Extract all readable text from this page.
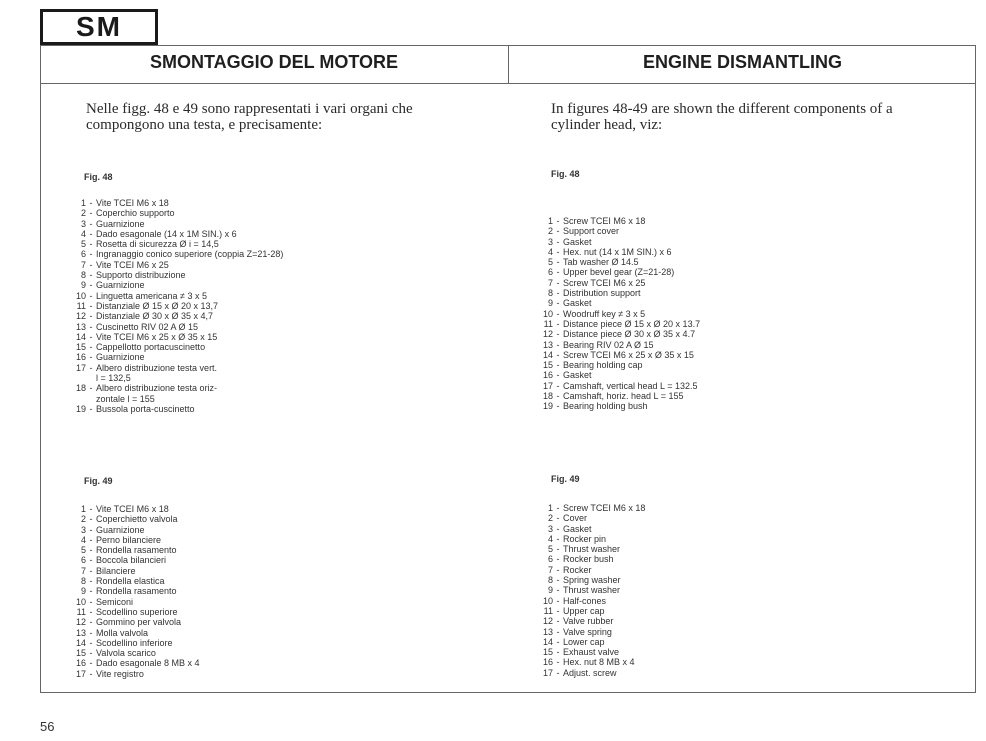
SM
SMONTAGGIO DEL MOTORE	ENGINE DISMANTLING
Nelle figg. 48 e 49 sono rappresentati i vari organi che compongono una testa, e precisamente:
In figures 48-49 are shown the different components of a cylinder head, viz:
Fig. 48
1 - Vite TCEI M6 x 18
2 - Coperchio supporto
3 - Guarnizione
4 - Dado esagonale (14 x 1M SIN.) x 6
5 - Rosetta di sicurezza Ø i = 14,5
6 - Ingranaggio conico superiore (coppia Z=21-28)
7 - Vite TCEI M6 x 25
8 - Supporto distribuzione
9 - Guarnizione
10 - Linguetta americana ≠ 3 x 5
11 - Distanziale Ø 15 x Ø 20 x 13,7
12 - Distanziale Ø 30 x Ø 35 x 4,7
13 - Cuscinetto RIV 02 A Ø 15
14 - Vite TCEI M6 x 25 x Ø 35 x 15
15 - Cappellotto portacuscinetto
16 - Guarnizione
17 - Albero distribuzione testa vert.
l = 132,5
18 - Albero distribuzione testa oriz-
zontale l = 155
19 - Bussola porta-cuscinetto
Fig. 49
1 - Vite TCEI M6 x 18
2 - Coperchietto valvola
3 - Guarnizione
4 - Perno bilanciere
5 - Rondella rasamento
6 - Boccola bilancieri
7 - Bilanciere
8 - Rondella elastica
9 - Rondella rasamento
10 - Semiconi
11 - Scodellino superiore
12 - Gommino per valvola
13 - Molla valvola
14 - Scodellino inferiore
15 - Valvola scarico
16 - Dado esagonale 8 MB x 4
17 - Vite registro
Fig. 48
1 - Screw TCEI M6 x 18
2 - Support cover
3 - Gasket
4 - Hex. nut (14 x 1M SIN.) x 6
5 - Tab washer Ø 14.5
6 - Upper bevel gear (Z=21-28)
7 - Screw TCEI M6 x 25
8 - Distribution support
9 - Gasket
10 - Woodruff key ≠ 3 x 5
11 - Distance piece Ø 15 x Ø 20 x 13.7
12 - Distance piece Ø 30 x Ø 35 x 4.7
13 - Bearing RIV 02 A Ø 15
14 - Screw TCEI M6 x 25 x Ø 35 x 15
15 - Bearing holding cap
16 - Gasket
17 - Camshaft, vertical head L = 132.5
18 - Camshaft, horiz. head L = 155
19 - Bearing holding bush
Fig. 49
1 - Screw TCEI M6 x 18
2 - Cover
3 - Gasket
4 - Rocker pin
5 - Thrust washer
6 - Rocker bush
7 - Rocker
8 - Spring washer
9 - Thrust washer
10 - Half-cones
11 - Upper cap
12 - Valve rubber
13 - Valve spring
14 - Lower cap
15 - Exhaust valve
16 - Hex. nut 8 MB x 4
17 - Adjust. screw
56
